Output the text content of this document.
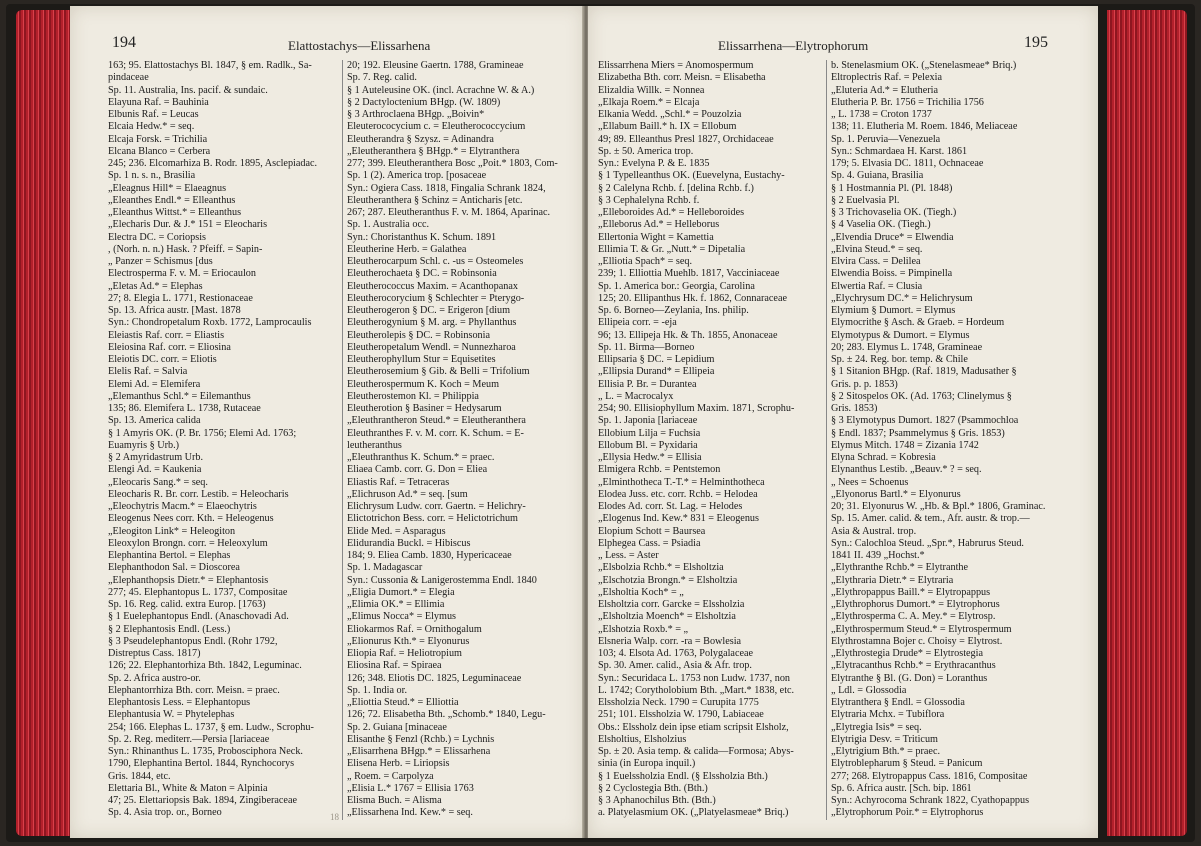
194	Elattostachys—Elissarhena
163; 95. Elattostachys Bl. 1847, § em. Radlk., Sa-
pindaceae
Sp. 11. Australia, Ins. pacif. & sundaic.
Elayuna Raf. = Bauhinia
Elbunis Raf. = Leucas
Elcaia Hedw.* = seq.
Elcaja Forsk. = Trichilia
Elcana Blanco = Cerbera
245; 236. Elcomarhiza B. Rodr. 1895, Asclepiadac.
Sp. 1 n. s. n., Brasilia
„Eleagnus Hill* = Elaeagnus
„Eleanthes Endl.* = Elleanthus
„Eleanthus Wittst.* = Elleanthus
„Elecharis Dur. & J.* 151 = Eleocharis
Electra DC. = Coriopsis
, (Norh. n. n.) Hask. ? Pfeiff. = Sapin-
„ Panzer = Schismus [dus
Electrosperma F. v. M. = Eriocaulon
„Eletas Ad.* = Elephas
27; 8. Elegia L. 1771, Restionaceae
Sp. 13. Africa austr. [Mast. 1878
Syn.: Chondropetalum Roxb. 1772, Lamprocaulis
Eleiastis Raf. corr. = Eliastis
Eleiosina Raf. corr. = Eliosina
Eleiotis DC. corr. = Eliotis
Elelis Raf. = Salvia
Elemi Ad. = Elemifera
„Elemanthus Schl.* = Eilemanthus
135; 86. Elemifera L. 1738, Rutaceae
Sp. 13. America calida
§ 1 Amyris OK. (P. Br. 1756; Elemi Ad. 1763;
Euamyris § Urb.)
§ 2 Amyridastrum Urb.
Elengi Ad. = Kaukenia
„Eleocaris Sang.* = seq.
Eleocharis R. Br. corr. Lestib. = Heleocharis
„Eleochytris Macm.* = Elaeochytris
Eleogenus Nees corr. Kth. = Heleogenus
„Eleogiton Link* = Heleogiton
Eleoxylon Brongn. corr. = Heleoxylum
Elephantina Bertol. = Elephas
Elephanthodon Sal. = Dioscorea
„Elephanthopsis Dietr.* = Elephantosis
277; 45. Elephantopus L. 1737, Compositae
Sp. 16. Reg. calid. extra Europ. [1763)
§ 1 Euelephantopus Endl. (Anaschovadi Ad.
§ 2 Elephantosis Endl. (Less.)
§ 3 Pseudelephantopus Endl. (Rohr 1792,
Distreptus Cass. 1817)
126; 22. Elephantorhiza Bth. 1842, Leguminac.
Sp. 2. Africa austro-or.
Elephantorrhiza Bth. corr. Meisn. = praec.
Elephantosis Less. = Elephantopus
Elephantusia W. = Phytelephas
254; 166. Elephas L. 1737, § em. Ludw., Scrophu-
Sp. 2. Reg. mediterr.—Persia [lariaceae
Syn.: Rhinanthus L. 1735, Probosciphora Neck.
1790, Elephantina Bertol. 1844, Rynchocorys
Gris. 1844, etc.
Elettaria Bl., White & Maton = Alpinia
47; 25. Elettariopsis Bak. 1894, Zingiberaceae
Sp. 4. Asia trop. or., Borneo
20; 192. Eleusine Gaertn. 1788, Gramineae
Sp. 7. Reg. calid.
§ 1 Auteleusine OK. (incl. Acrachne W. & A.)
§ 2 Dactyloctenium BHgp. (W. 1809)
§ 3 Arthroclaena BHgp. „Boivin*
Eleuterococycium c. = Eleutherococcycium
Eleutherandra § Szysz. = Adinandra
„Eleutheranthera § BHgp.* = Elytranthera
277; 399. Eleutheranthera Bosc „Poit.* 1803, Com-
Sp. 1 (2). America trop. [posaceae
Syn.: Ogiera Cass. 1818, Fingalia Schrank 1824,
Eleutheranthera § Schinz = Anticharis [etc.
267; 287. Eleutheranthus F. v. M. 1864, Aparinac.
Sp. 1. Australia occ.
Syn.: Choristanthus K. Schum. 1891
Eleutherine Herb. = Galathea
Eleutherocarpum Schl. c. -us = Osteomeles
Eleutherochaeta § DC. = Robinsonia
Eleutherococcus Maxim. = Acanthopanax
Eleutherocorycium § Schlechter = Pterygo-
Eleutherogeron § DC. = Erigeron [dium
Eleutherogynium § M. arg. = Phyllanthus
Eleutherolepis § DC. = Robinsonia
Eleutheropetalum Wendl. = Nunnezharoa
Eleutherophyllum Stur = Equisetites
Eleutherosemium § Gib. & Belli = Trifolium
Eleutherospermum K. Koch = Meum
Eleutherostemon Kl. = Philippia
Eleutherotion § Basiner = Hedysarum
„Eleuthrantheron Steud.* = Eleutheranthera
Eleuthranthes F. v. M. corr. K. Schum. = E-
leutheranthus
„Eleuthranthus K. Schum.* = praec.
Eliaea Camb. corr. G. Don = Eliea
Eliastis Raf. = Tetraceras
„Elichruson Ad.* = seq. [sum
Elichrysum Ludw. corr. Gaertn. = Helichry-
Elictotrichon Bess. corr. = Helictotrichum
Elide Med. = Asparagus
Elidurandia Buckl. = Hibiscus
184; 9. Eliea Camb. 1830, Hypericaceae
Sp. 1. Madagascar
Syn.: Cussonia & Lanigerostemma Endl. 1840
„Eligia Dumort.* = Elegia
„Elimia OK.* = Ellimia
„Elimus Nocca* = Elymus
Eliokarmos Raf. = Ornithogalum
„Elionurus Kth.* = Elyonurus
Eliopia Raf. = Heliotropium
Eliosina Raf. = Spiraea
126; 348. Eliotis DC. 1825, Leguminaceae
Sp. 1. India or.
„Eliottia Steud.* = Elliottia
126; 72. Elisabetha Bth. „Schomb.* 1840, Legu-
Sp. 2. Guiana [minaceae
Elisanthe § Fenzl (Rchb.) = Lychnis
„Elisarrhena BHgp.* = Elissarhena
Elisena Herb. = Liriopsis
„ Roem. = Carpolyza
„Elisia L.* 1767 = Ellisia 1763
Elisma Buch. = Alisma
„Elissarhena Ind. Kew.* = seq.
18
Elissarrhena—Elytrophorum	195
Elissarrhena Miers = Anomospermum
Elizabetha Bth. corr. Meisn. = Elisabetha
Elizaldia Willk. = Nonnea
„Elkaja Roem.* = Elcaja
Elkania Wedd. „Schl.* = Pouzolzia
„Ellabum Baill.* h. IX = Ellobum
49; 89. Elleanthus Presl 1827, Orchidaceae
Sp. ± 50. America trop.
Syn.: Evelyna P. & E. 1835
§ 1 Typelleanthus OK. (Euevelyna, Eustachy-
§ 2 Calelyna Rchb. f. [delina Rchb. f.)
§ 3 Cephalelyna Rchb. f.
„Elleboroides Ad.* = Helleboroides
„Elleborus Ad.* = Helleborus
Ellertonia Wight = Kamettia
Ellimia T. & Gr. „Nutt.* = Dipetalia
„Elliotia Spach* = seq.
239; 1. Elliottia Muehlb. 1817, Vacciniaceae
Sp. 1. America bor.: Georgia, Carolina
125; 20. Ellipanthus Hk. f. 1862, Connaraceae
Sp. 6. Borneo—Zeylania, Ins. philip.
Ellipeia corr. = -eja
96; 13. Ellipeja Hk. & Th. 1855, Anonaceae
Sp. 11. Birma—Borneo
Ellipsaria § DC. = Lepidium
„Ellipsia Durand* = Ellipeia
Ellisia P. Br. = Durantea
„ L. = Macrocalyx
254; 90. Ellisiophyllum Maxim. 1871, Scrophu-
Sp. 1. Japonia [lariaceae
Ellobium Lilja = Fuchsia
Ellobum Bl. = Pyxidaria
„Ellysia Hedw.* = Ellisia
Elmigera Rchb. = Pentstemon
„Elminthotheca T.-T.* = Helminthotheca
Elodea Juss. etc. corr. Rchb. = Helodea
Elodes Ad. corr. St. Lag. = Helodes
„Elogenus Ind. Kew.* 831 = Eleogenus
Elopium Schott = Baursea
Elphegea Cass. = Psiadia
„ Less. = Aster
„Elsbolzia Rchb.* = Elsholtzia
„Elschotzia Brongn.* = Elsholtzia
„Elsholtia Koch* = „
Elsholtzia corr. Garcke = Elssholzia
„Elsholtzia Moench* = Elsholtzia
„Elshotzia Roxb.* = „
Elsneria Walp. corr. -ra = Bowlesia
103; 4. Elsota Ad. 1763, Polygalaceae
Sp. 30. Amer. calid., Asia & Afr. trop.
Syn.: Securidaca L. 1753 non Ludw. 1737, non
L. 1742; Corytholobium Bth. „Mart.* 1838, etc.
Elssholzia Neck. 1790 = Curupita 1775
251; 101. Elssholzia W. 1790, Labiaceae
Obs.: Elssholz dein ipse etiam scripsit Elsholz,
Elsholtius, Elsholzius
Sp. ± 20. Asia temp. & calida—Formosa; Abys-
sinia (in Europa inquil.)
§ 1 Euelssholzia Endl. (§ Elssholzia Bth.)
§ 2 Cyclostegia Bth. (Bth.)
§ 3 Aphanochilus Bth. (Bth.)
a. Platyelasmium OK. („Platyelasmeae* Briq.)
b. Stenelasmium OK. („Stenelasmeae* Briq.)
Eltroplectris Raf. = Pelexia
„Eluteria Ad.* = Elutheria
Elutheria P. Br. 1756 = Trichilia 1756
„ L. 1738 = Croton 1737
138; 11. Elutheria M. Roem. 1846, Meliaceae
Sp. 1. Peruvia—Venezuela
Syn.: Schmardaea H. Karst. 1861
179; 5. Elvasia DC. 1811, Ochnaceae
Sp. 4. Guiana, Brasilia
§ 1 Hostmannia Pl. (Pl. 1848)
§ 2 Euelvasia Pl.
§ 3 Trichovaselia OK. (Tiegh.)
§ 4 Vaselia OK. (Tiegh.)
„Elvendia Druce* = Elwendia
„Elvina Steud.* = seq.
Elvira Cass. = Delilea
Elwendia Boiss. = Pimpinella
Elwertia Raf. = Clusia
„Elychrysum DC.* = Helichrysum
Elymium § Dumort. = Elymus
Elymocrithe § Asch. & Graeb. = Hordeum
Elymotypus & Dumort. = Elymus
20; 283. Elymus L. 1748, Gramineae
Sp. ± 24. Reg. bor. temp. & Chile
§ 1 Sitanion BHgp. (Raf. 1819, Madusather §
Gris. p. p. 1853)
§ 2 Sitospelos OK. (Ad. 1763; Clinelymus §
Gris. 1853)
§ 3 Elymotypus Dumort. 1827 (Psammochloa
§ Endl. 1837; Psammelymus § Gris. 1853)
Elymus Mitch. 1748 = Zizania 1742
Elyna Schrad. = Kobresia
Elynanthus Lestib. „Beauv.* ? = seq.
„ Nees = Schoenus
„Elyonorus Bartl.* = Elyonurus
20; 31. Elyonurus W. „Hb. & Bpl.* 1806, Graminac.
Sp. 15. Amer. calid. & tem., Afr. austr. & trop.—
Asia & Austral. trop.
Syn.: Calochloa Steud. „Spr.*, Habrurus Steud.
1841 II. 439 „Hochst.*
„Elythranthe Rchb.* = Elytranthe
„Elythraria Dietr.* = Elytraria
„Elythropappus Baill.* = Elytropappus
„Elythrophorus Dumort.* = Elytrophorus
„Elythrosperma C. A. Mey.* = Elytrosp.
„Elythrospermum Steud.* = Elytrospermum
Elythrostamna Bojer c. Choisy = Elytrost.
„Elythrostegia Drude* = Elytrostegia
„Elytracanthus Rchb.* = Erythracanthus
Elytranthe § Bl. (G. Don) = Loranthus
„ Ldl. = Glossodia
Elytranthera § Endl. = Glossodia
Elytraria Mchx. = Tubiflora
„Elytregia Isis* = seq.
Elytrigia Desv. = Triticum
„Elytrigium Bth.* = praec.
Elytroblepharum § Steud. = Panicum
277; 268. Elytropappus Cass. 1816, Compositae
Sp. 6. Africa austr. [Sch. bip. 1861
Syn.: Achyrocoma Schrank 1822, Cyathopappus
„Elytrophorum Poir.* = Elytrophorus
